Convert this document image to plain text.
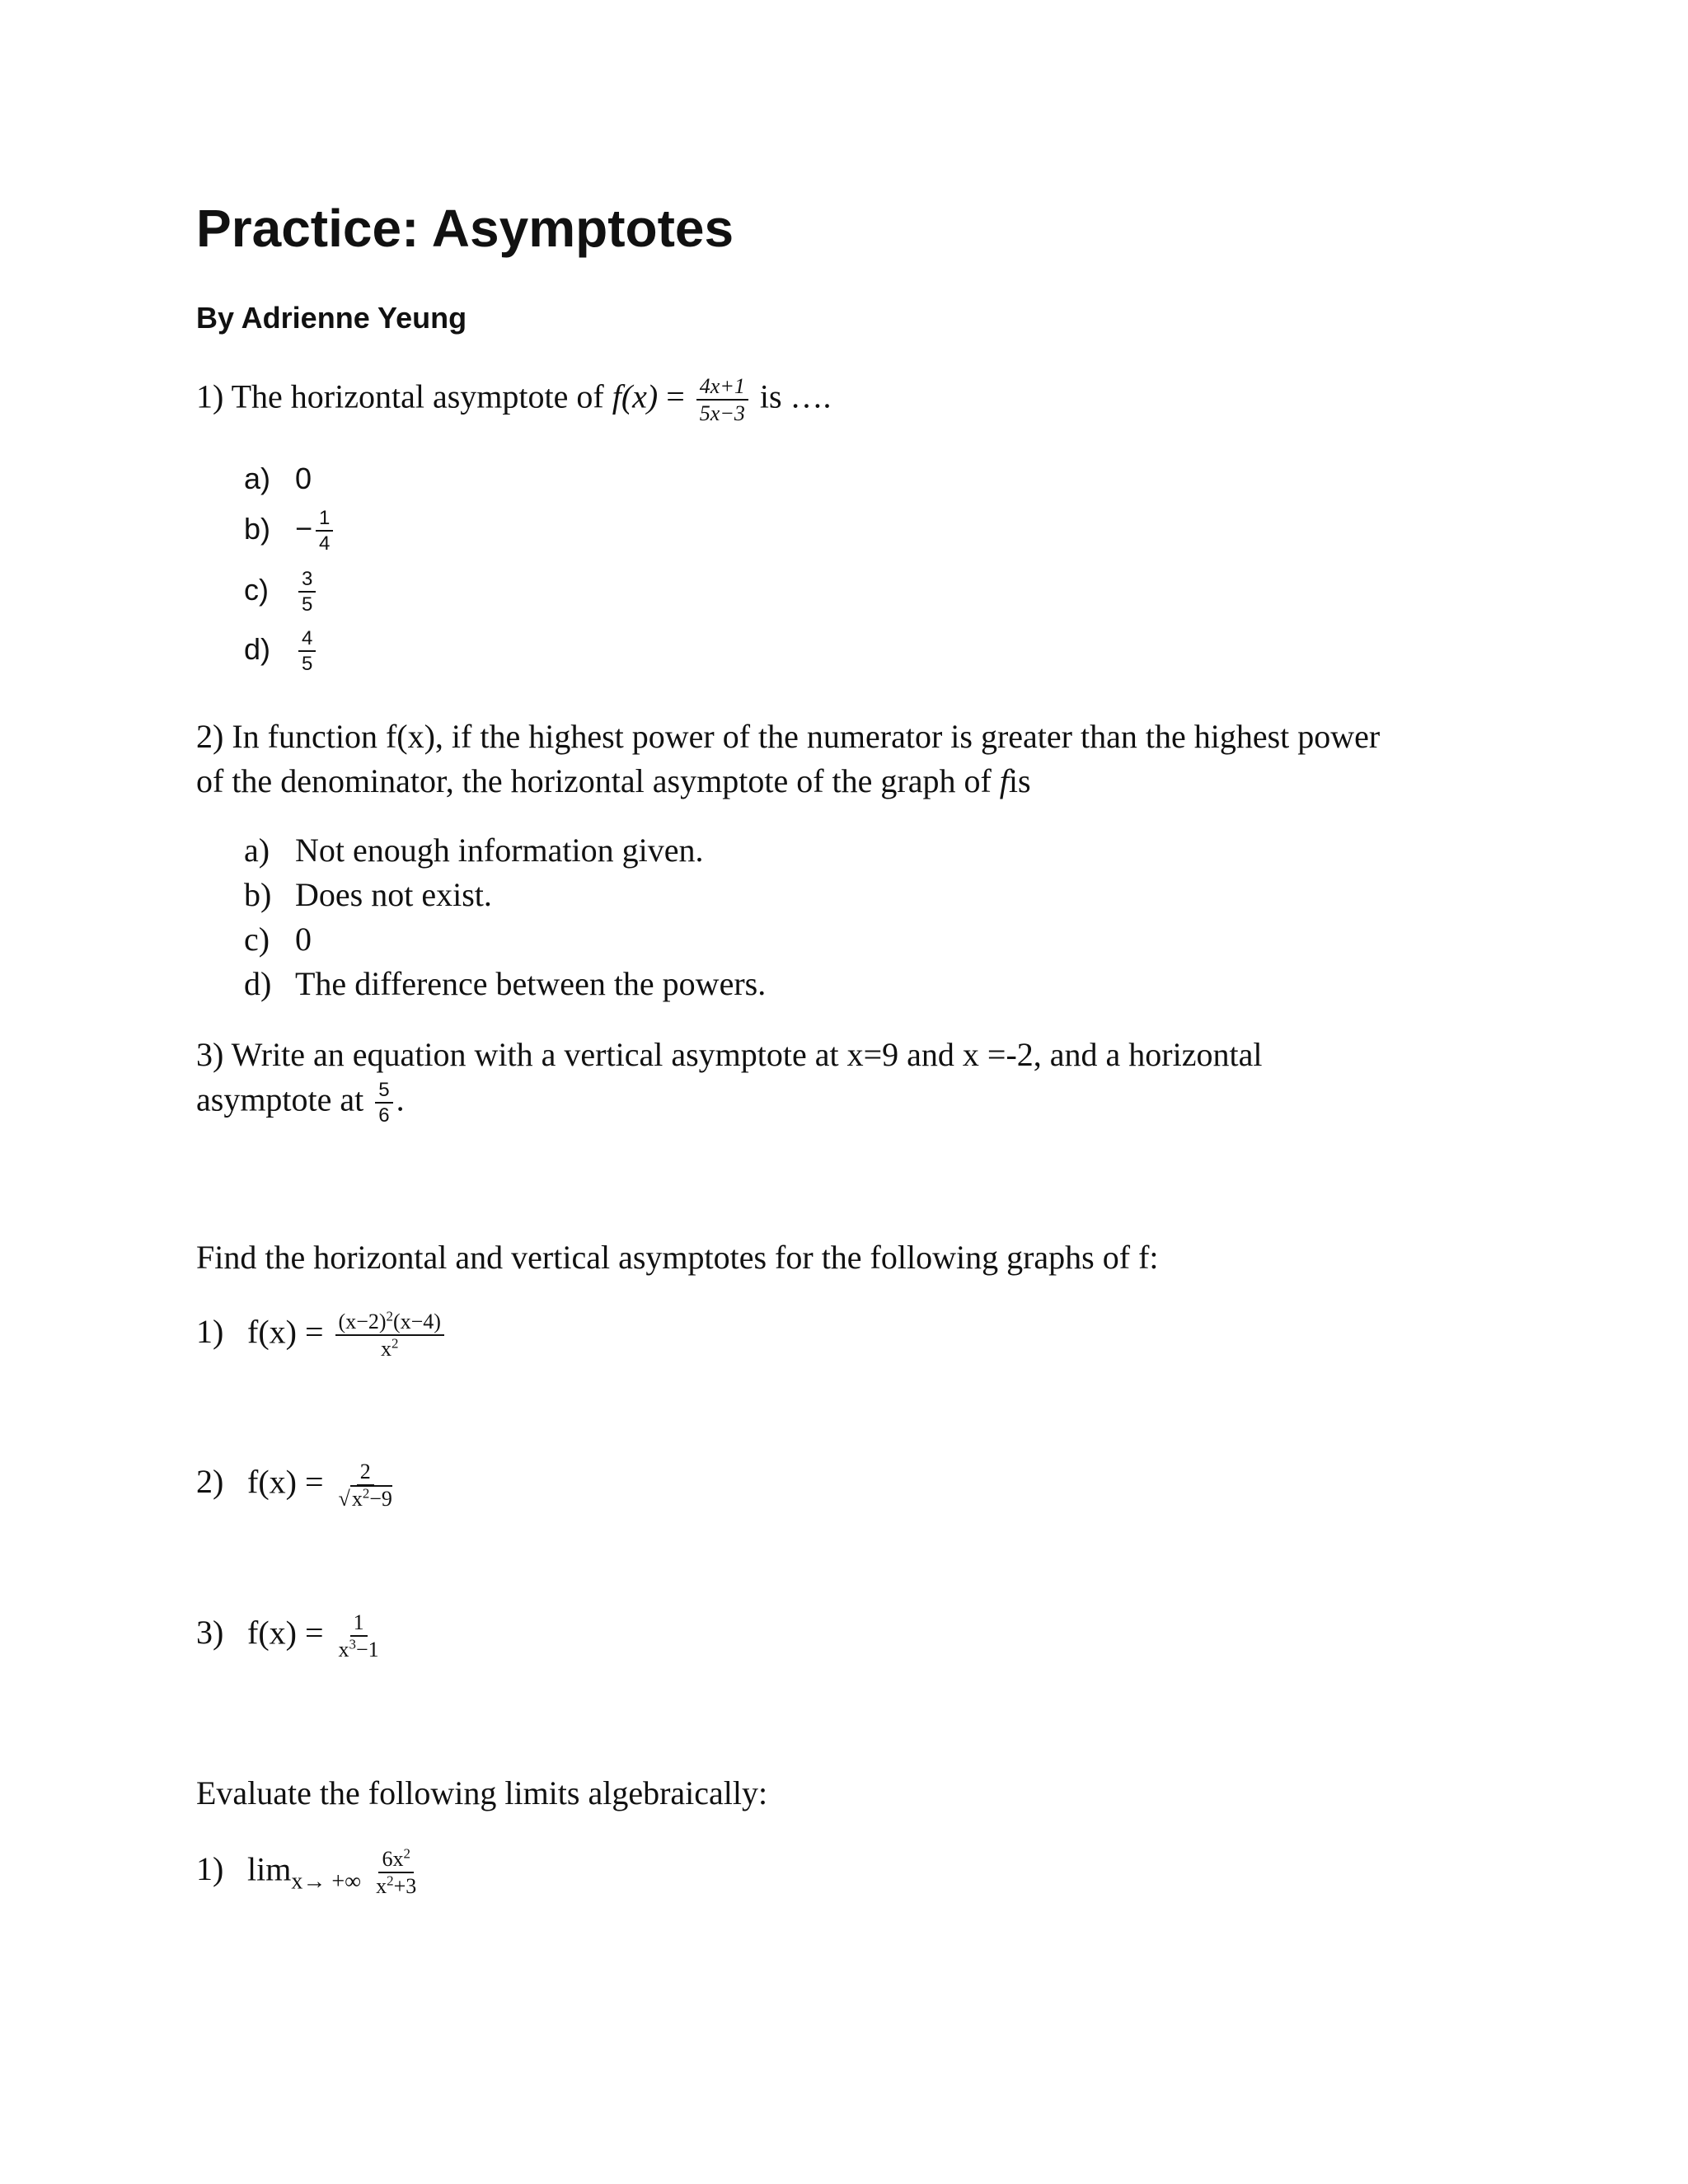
Practice: Asymptotes
By Adrienne Yeung
1) The horizontal asymptote of $f(x) = \frac{4x+1}{5x-3}$ is ….
a) 0
$b) - \frac{1}{4}$
$c) \frac{3}{5}$
$d) \frac{4}{5}$
2) In function f(x), if the highest power of the numerator is greater than the highest power
of the denominator, the horizontal asymptote of the graph of fis
a) Not enough information given.
b) Does not exist.
c) 0
d) The difference between the powers.
3) Write an equation with a vertical asymptote at x=9 and x =-2, and a horizontal
asymptote at $\frac{5}{6}$ .
Find the horizontal and vertical asymptotes for the following graphs of f:
1) $f(x) = \frac{(x-2)^2(x-4)}{x^2}$
2) $f(x) = \frac{2}{√x^2-9}$
3) $f(x) = \frac{1}{x^3-1}$
Evaluate the following limits algebraically:
1) $\lim_{x\to +\infty} \frac{6x^2}{x^2+3}$
